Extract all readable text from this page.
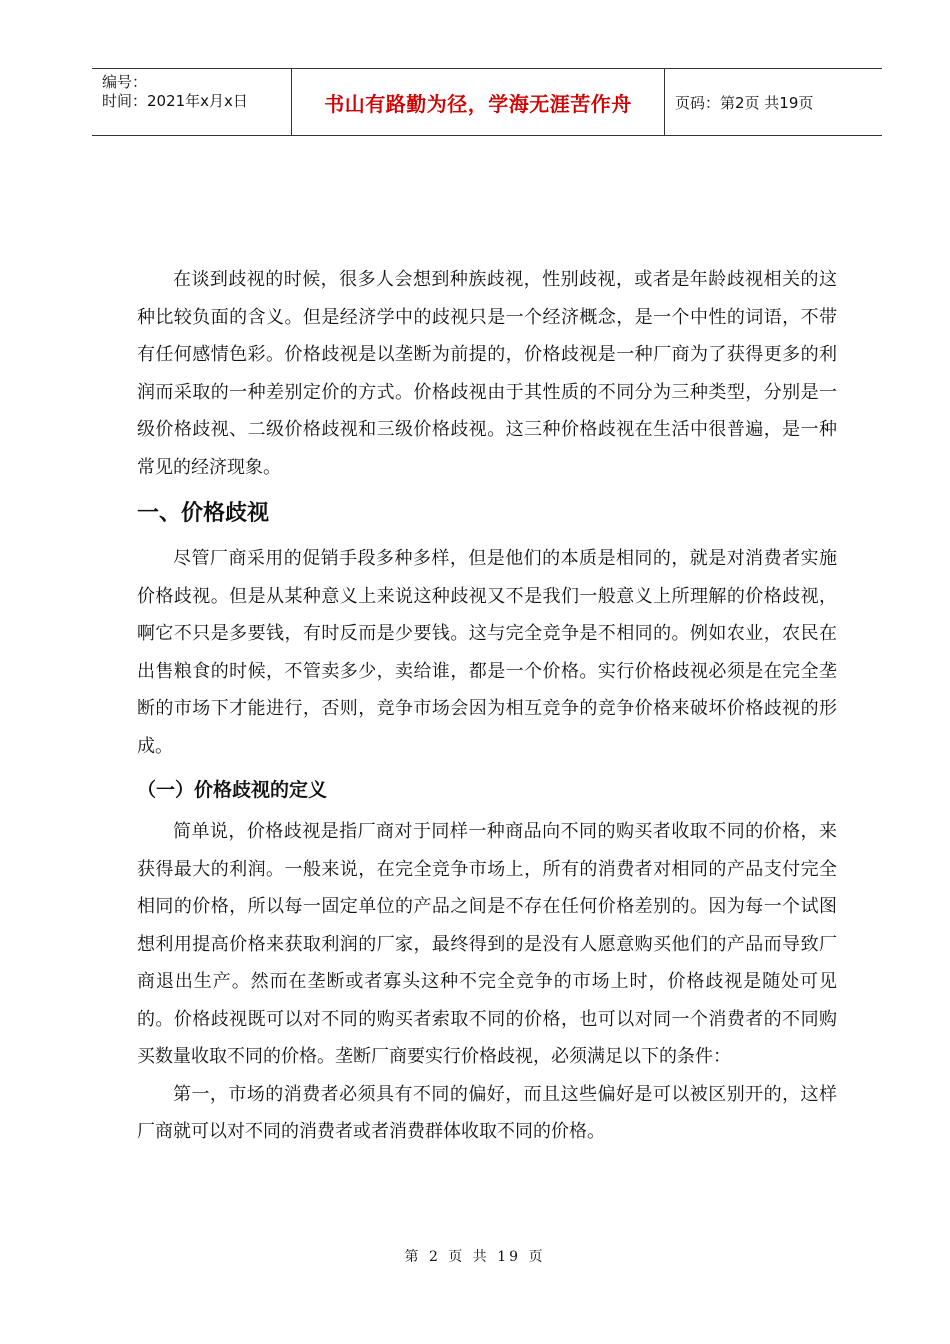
编号：
时间：2021年x月x日	书山有路勤为径，学海无涯苦作舟	页码：第2页 共19页

在谈到歧视的时候，很多人会想到种族歧视，性别歧视，或者是年龄歧视相关的这种比较负面的含义。但是经济学中的歧视只是一个经济概念，是一个中性的词语，不带有任何感情色彩。价格歧视是以垄断为前提的，价格歧视是一种厂商为了获得更多的利润而采取的一种差别定价的方式。价格歧视由于其性质的不同分为三种类型，分别是一级价格歧视、二级价格歧视和三级价格歧视。这三种价格歧视在生活中很普遍，是一种常见的经济现象。

一、价格歧视

尽管厂商采用的促销手段多种多样，但是他们的本质是相同的，就是对消费者实施价格歧视。但是从某种意义上来说这种歧视又不是我们一般意义上所理解的价格歧视，啊它不只是多要钱，有时反而是少要钱。这与完全竞争是不相同的。例如农业，农民在出售粮食的时候，不管卖多少，卖给谁，都是一个价格。实行价格歧视必须是在完全垄断的市场下才能进行，否则，竞争市场会因为相互竞争的竞争价格来破坏价格歧视的形成。

（一）价格歧视的定义

简单说，价格歧视是指厂商对于同样一种商品向不同的购买者收取不同的价格，来获得最大的利润。一般来说，在完全竞争市场上，所有的消费者对相同的产品支付完全相同的价格，所以每一固定单位的产品之间是不存在任何价格差别的。因为每一个试图想利用提高价格来获取利润的厂家，最终得到的是没有人愿意购买他们的产品而导致厂商退出生产。然而在垄断或者寡头这种不完全竞争的市场上时，价格歧视是随处可见的。价格歧视既可以对不同的购买者索取不同的价格，也可以对同一个消费者的不同购买数量收取不同的价格。垄断厂商要实行价格歧视，必须满足以下的条件：

第一，市场的消费者必须具有不同的偏好，而且这些偏好是可以被区别开的，这样厂商就可以对不同的消费者或者消费群体收取不同的价格。

第 2 页 共 19 页
